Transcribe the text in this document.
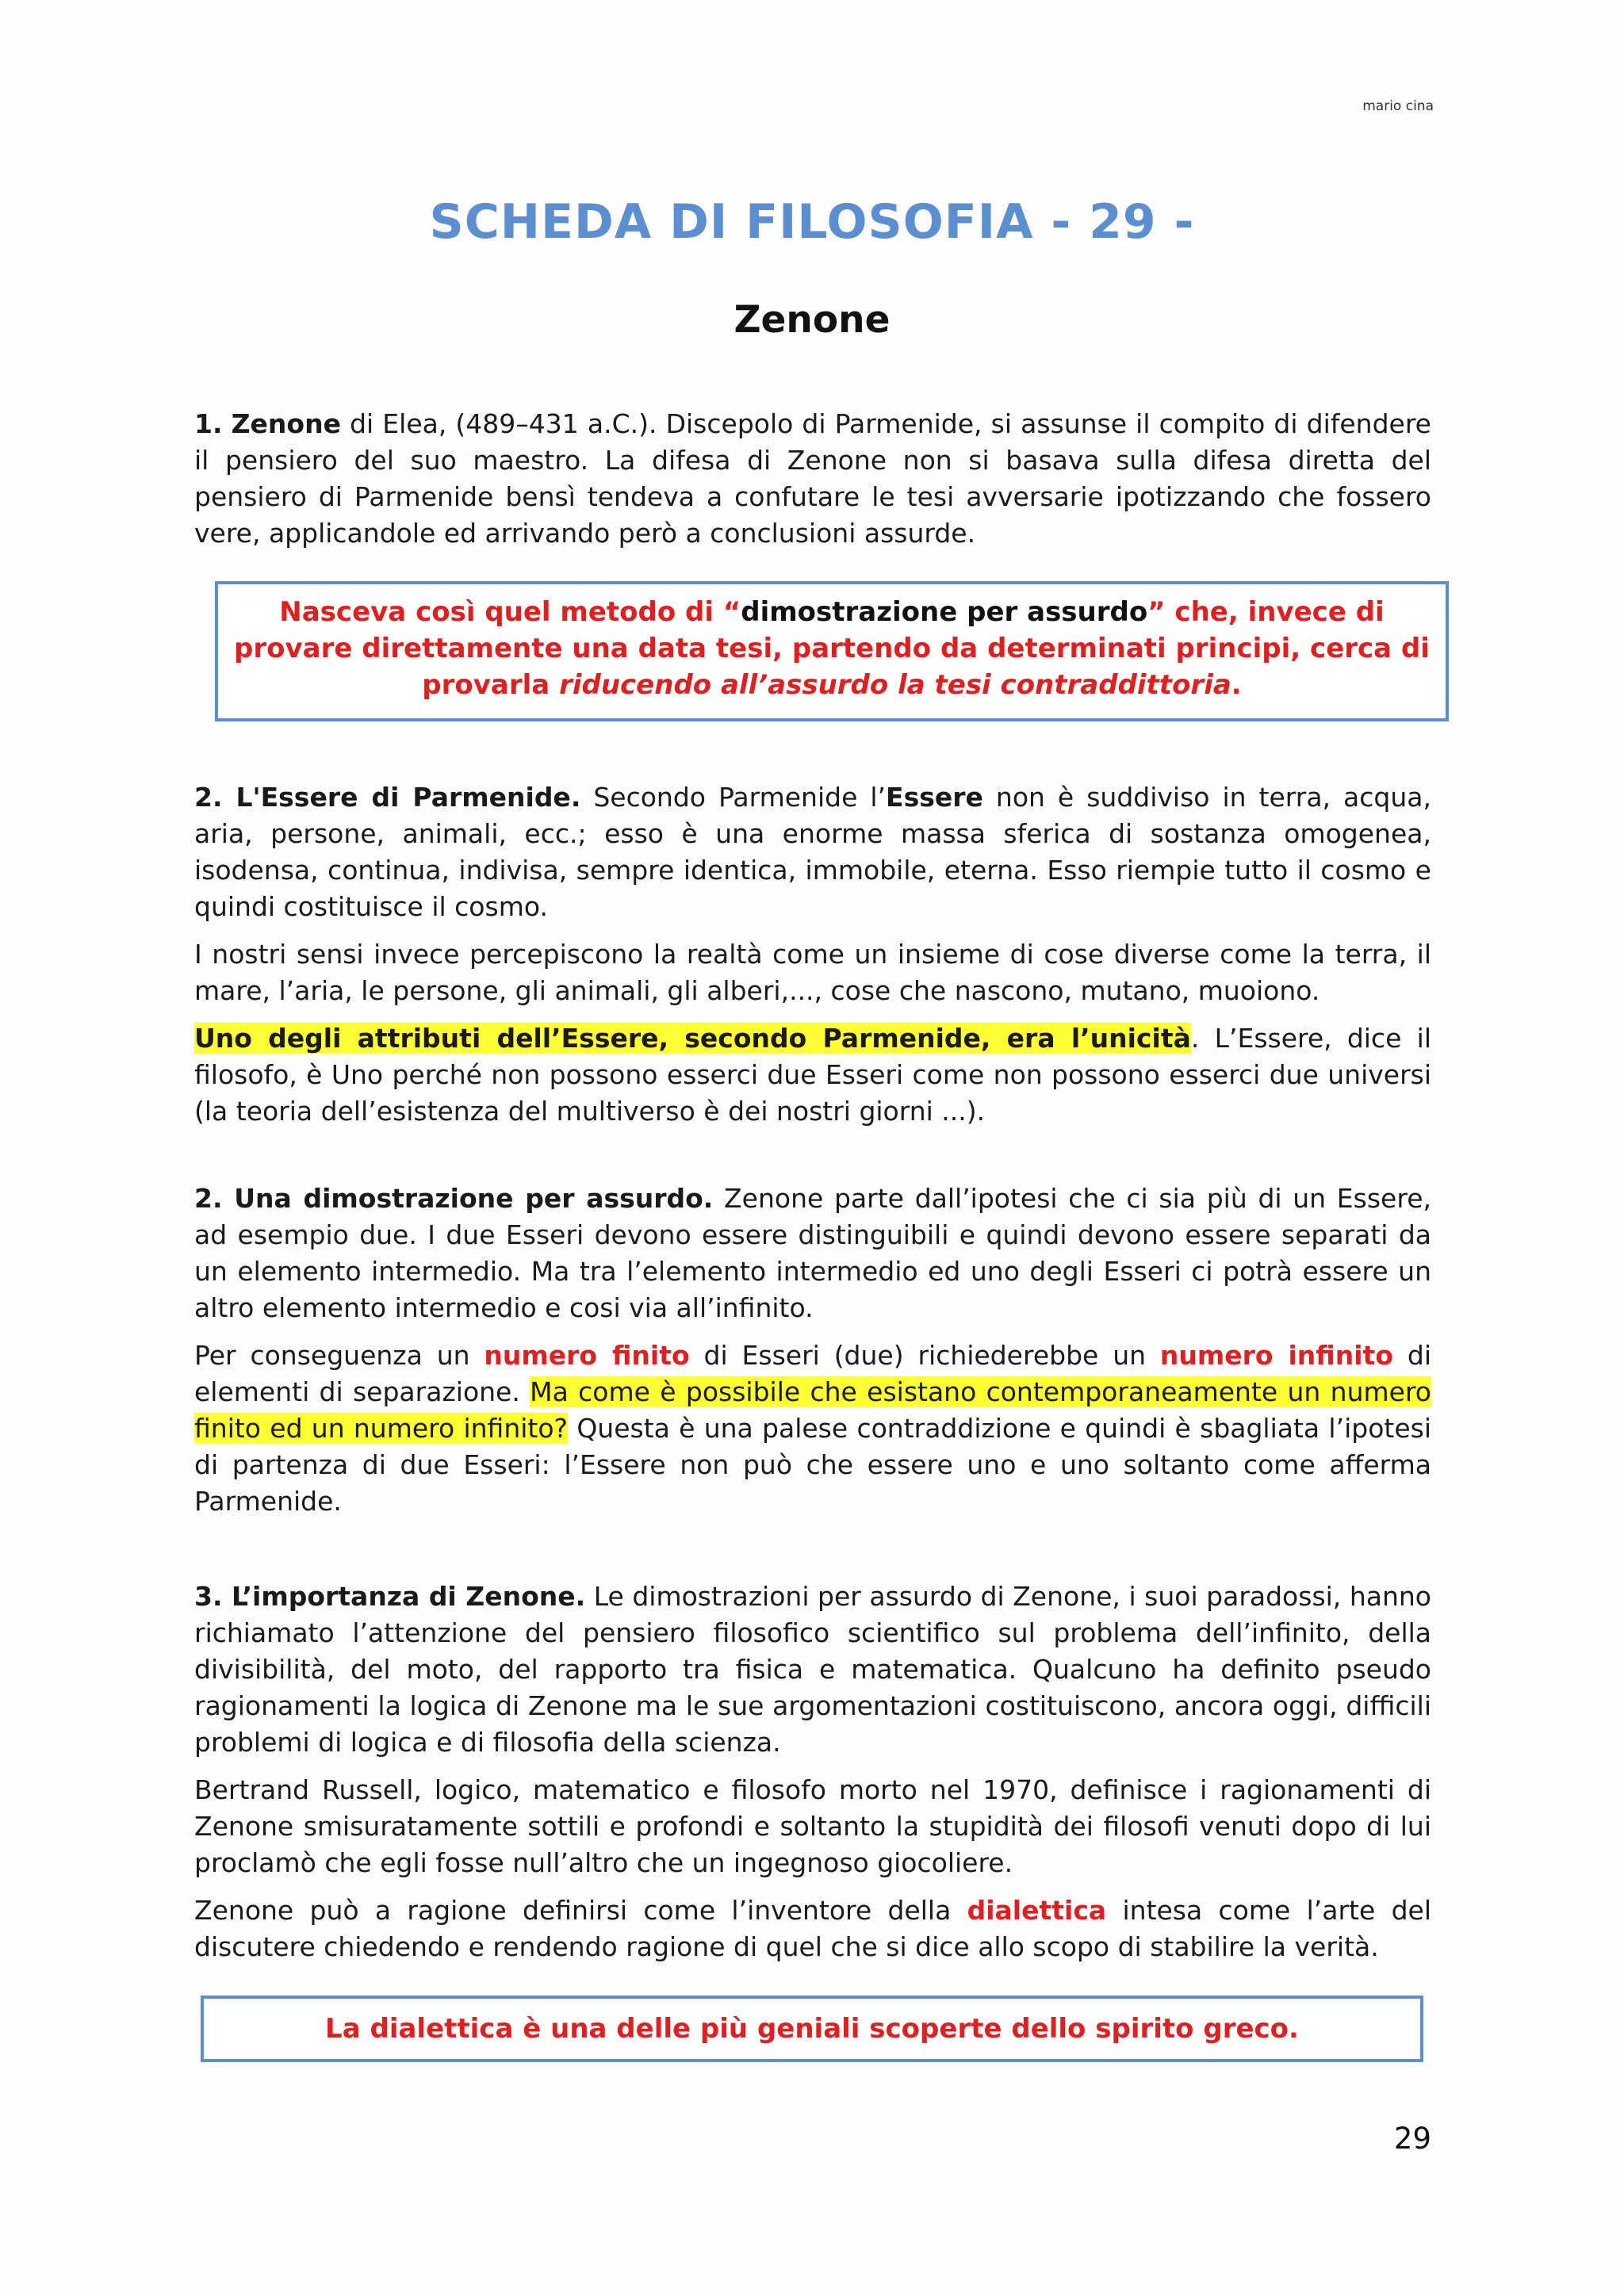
mario cina
SCHEDA DI FILOSOFIA - 29 -
Zenone

1. Zenone di Elea, (489–431 a.C.). Discepolo di Parmenide, si assunse il compito di difendere il pensiero del suo maestro. La difesa di Zenone non si basava sulla difesa diretta del pensiero di Parmenide bensì tendeva a confutare le tesi avversarie ipotizzando che fossero vere, applicandole ed arrivando però a conclusioni assurde.

Nasceva così quel metodo di “dimostrazione per assurdo” che, invece di provare direttamente una data tesi, partendo da determinati principi, cerca di provarla riducendo all’assurdo la tesi contraddittoria.

2. L'Essere di Parmenide. Secondo Parmenide l’Essere non è suddiviso in terra, acqua, aria, persone, animali, ecc.; esso è una enorme massa sferica di sostanza omogenea, isodensa, continua, indivisa, sempre identica, immobile, eterna. Esso riempie tutto il cosmo e quindi costituisce il cosmo.

I nostri sensi invece percepiscono la realtà come un insieme di cose diverse come la terra, il mare, l’aria, le persone, gli animali, gli alberi,..., cose che nascono, mutano, muoiono.

Uno degli attributi dell’Essere, secondo Parmenide, era l’unicità. L’Essere, dice il filosofo, è Uno perché non possono esserci due Esseri come non possono esserci due universi (la teoria dell’esistenza del multiverso è dei nostri giorni ...).

2. Una dimostrazione per assurdo. Zenone parte dall’ipotesi che ci sia più di un Essere, ad esempio due. I due Esseri devono essere distinguibili e quindi devono essere separati da un elemento intermedio. Ma tra l’elemento intermedio ed uno degli Esseri ci potrà essere un altro elemento intermedio e cosi via all’infinito.

Per conseguenza un numero finito di Esseri (due) richiederebbe un numero infinito di elementi di separazione. Ma come è possibile che esistano contemporaneamente un numero finito ed un numero infinito? Questa è una palese contraddizione e quindi è sbagliata l’ipotesi di partenza di due Esseri: l’Essere non può che essere uno e uno soltanto come afferma Parmenide.

3. L’importanza di Zenone. Le dimostrazioni per assurdo di Zenone, i suoi paradossi, hanno richiamato l’attenzione del pensiero filosofico scientifico sul problema dell’infinito, della divisibilità, del moto, del rapporto tra fisica e matematica. Qualcuno ha definito pseudo ragionamenti la logica di Zenone ma le sue argomentazioni costituiscono, ancora oggi, difficili problemi di logica e di filosofia della scienza.

Bertrand Russell, logico, matematico e filosofo morto nel 1970, definisce i ragionamenti di Zenone smisuratamente sottili e profondi e soltanto la stupidità dei filosofi venuti dopo di lui proclamò che egli fosse null’altro che un ingegnoso giocoliere.

Zenone può a ragione definirsi come l’inventore della dialettica intesa come l’arte del discutere chiedendo e rendendo ragione di quel che si dice allo scopo di stabilire la verità.

La dialettica è una delle più geniali scoperte dello spirito greco.
29
